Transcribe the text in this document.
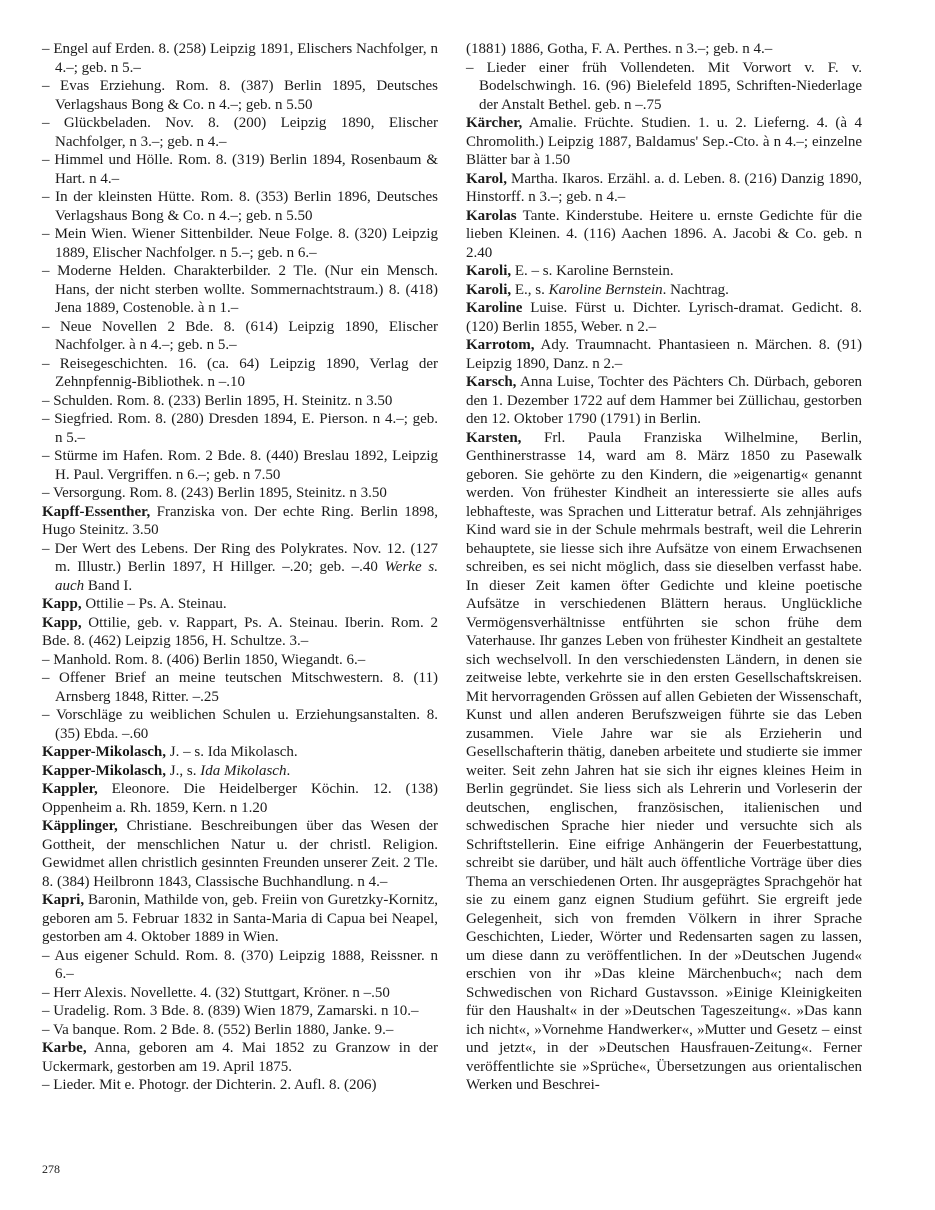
– Engel auf Erden. 8. (258) Leipzig 1891, Elischers Nachfolger, n 4.–; geb. n 5.–

– Evas Erziehung. Rom. 8. (387) Berlin 1895, Deutsches Verlagshaus Bong & Co. n 4.–; geb. n 5.50

– Glückbeladen. Nov. 8. (200) Leipzig 1890, Elischer Nachfolger, n 3.–; geb. n 4.–

– Himmel und Hölle. Rom. 8. (319) Berlin 1894, Rosenbaum & Hart. n 4.–

– In der kleinsten Hütte. Rom. 8. (353) Berlin 1896, Deutsches Verlagshaus Bong & Co. n 4.–; geb. n 5.50

– Mein Wien. Wiener Sittenbilder. Neue Folge. 8. (320) Leipzig 1889, Elischer Nachfolger. n 5.–; geb. n 6.–

– Moderne Helden. Charakterbilder. 2 Tle. (Nur ein Mensch. Hans, der nicht sterben wollte. Sommernachtstraum.) 8. (418) Jena 1889, Costenoble. à n 1.–

– Neue Novellen 2 Bde. 8. (614) Leipzig 1890, Elischer Nachfolger. à n 4.–; geb. n 5.–

– Reisegeschichten. 16. (ca. 64) Leipzig 1890, Verlag der Zehnpfennig-Bibliothek. n –.10

– Schulden. Rom. 8. (233) Berlin 1895, H. Steinitz. n 3.50

– Siegfried. Rom. 8. (280) Dresden 1894, E. Pierson. n 4.–; geb. n 5.–

– Stürme im Hafen. Rom. 2 Bde. 8. (440) Breslau 1892, Leipzig H. Paul. Vergriffen. n 6.–; geb. n 7.50

– Versorgung. Rom. 8. (243) Berlin 1895, Steinitz. n 3.50

Kapff-Essenther, Franziska von. Der echte Ring. Berlin 1898, Hugo Steinitz. 3.50

– Der Wert des Lebens. Der Ring des Polykrates. Nov. 12. (127 m. Illustr.) Berlin 1897, H Hillger. –.20; geb. –.40 Werke s. auch Band I.

Kapp, Ottilie – Ps. A. Steinau.

Kapp, Ottilie, geb. v. Rappart, Ps. A. Steinau. Iberin. Rom. 2 Bde. 8. (462) Leipzig 1856, H. Schultze. 3.–

– Manhold. Rom. 8. (406) Berlin 1850, Wiegandt. 6.–

– Offener Brief an meine teutschen Mitschwestern. 8. (11) Arnsberg 1848, Ritter. –.25

– Vorschläge zu weiblichen Schulen u. Erziehungsanstalten. 8. (35) Ebda. –.60

Kapper-Mikolasch, J. – s. Ida Mikolasch.

Kapper-Mikolasch, J., s. Ida Mikolasch.

Kappler, Eleonore. Die Heidelberger Köchin. 12. (138) Oppenheim a. Rh. 1859, Kern. n 1.20

Käpplinger, Christiane. Beschreibungen über das Wesen der Gottheit, der menschlichen Natur u. der christl. Religion. Gewidmet allen christlich gesinnten Freunden unserer Zeit. 2 Tle. 8. (384) Heilbronn 1843, Classische Buchhandlung. n 4.–

Kapri, Baronin, Mathilde von, geb. Freiin von Guretzky-Kornitz, geboren am 5. Februar 1832 in Santa-Maria di Capua bei Neapel, gestorben am 4. Oktober 1889 in Wien.

– Aus eigener Schuld. Rom. 8. (370) Leipzig 1888, Reissner. n 6.–

– Herr Alexis. Novellette. 4. (32) Stuttgart, Kröner. n –.50

– Uradelig. Rom. 3 Bde. 8. (839) Wien 1879, Zamarski. n 10.–

– Va banque. Rom. 2 Bde. 8. (552) Berlin 1880, Janke. 9.–

Karbe, Anna, geboren am 4. Mai 1852 zu Granzow in der Uckermark, gestorben am 19. April 1875.

– Lieder. Mit e. Photogr. der Dichterin. 2. Aufl. 8. (206)

(1881) 1886, Gotha, F. A. Perthes. n 3.–; geb. n 4.–

– Lieder einer früh Vollendeten. Mit Vorwort v. F. v. Bodelschwingh. 16. (96) Bielefeld 1895, Schriften-Niederlage der Anstalt Bethel. geb. n –.75

Kärcher, Amalie. Früchte. Studien. 1. u. 2. Lieferng. 4. (à 4 Chromolith.) Leipzig 1887, Baldamus' Sep.-Cto. à n 4.–; einzelne Blätter bar à 1.50

Karol, Martha. Ikaros. Erzähl. a. d. Leben. 8. (216) Danzig 1890, Hinstorff. n 3.–; geb. n 4.–

Karolas Tante. Kinderstube. Heitere u. ernste Gedichte für die lieben Kleinen. 4. (116) Aachen 1896. A. Jacobi & Co. geb. n 2.40

Karoli, E. – s. Karoline Bernstein.

Karoli, E., s. Karoline Bernstein. Nachtrag.

Karoline Luise. Fürst u. Dichter. Lyrisch-dramat. Gedicht. 8. (120) Berlin 1855, Weber. n 2.–

Karrotom, Ady. Traumnacht. Phantasieen n. Märchen. 8. (91) Leipzig 1890, Danz. n 2.–

Karsch, Anna Luise, Tochter des Pächters Ch. Dürbach, geboren den 1. Dezember 1722 auf dem Hammer bei Züllichau, gestorben den 12. Oktober 1790 (1791) in Berlin.

Karsten, Frl. Paula Franziska Wilhelmine, Berlin, Genthinerstrasse 14, ward am 8. März 1850 zu Pasewalk geboren. Sie gehörte zu den Kindern, die »eigenartig« genannt werden. Von frühester Kindheit an interessierte sie alles aufs lebhafteste, was Sprachen und Litteratur betraf. Als zehnjähriges Kind ward sie in der Schule mehrmals bestraft, weil die Lehrerin behauptete, sie liesse sich ihre Aufsätze von einem Erwachsenen schreiben, es sei nicht möglich, dass sie dieselben verfasst habe. In dieser Zeit kamen öfter Gedichte und kleine poetische Aufsätze in verschiedenen Blättern heraus. Unglückliche Vermögensverhältnisse entführten sie schon frühe dem Vaterhause. Ihr ganzes Leben von frühester Kindheit an gestaltete sich wechselvoll. In den verschiedensten Ländern, in denen sie zeitweise lebte, verkehrte sie in den ersten Gesellschaftskreisen. Mit hervorragenden Grössen auf allen Gebieten der Wissenschaft, Kunst und allen anderen Berufszweigen führte sie das Leben zusammen. Viele Jahre war sie als Erzieherin und Gesellschafterin thätig, daneben arbeitete und studierte sie immer weiter. Seit zehn Jahren hat sie sich ihr eignes kleines Heim in Berlin gegründet. Sie liess sich als Lehrerin und Vorleserin der deutschen, englischen, französischen, italienischen und schwedischen Sprache hier nieder und versuchte sich als Schriftstellerin. Eine eifrige Anhängerin der Feuerbestattung, schreibt sie darüber, und hält auch öffentliche Vorträge über dies Thema an verschiedenen Orten. Ihr ausgeprägtes Sprachgehör hat sie zu einem ganz eignen Studium geführt. Sie ergreift jede Gelegenheit, sich von fremden Völkern in ihrer Sprache Geschichten, Lieder, Wörter und Redensarten sagen zu lassen, um diese dann zu veröffentlichen. In der »Deutschen Jugend« erschien von ihr »Das kleine Märchenbuch«; nach dem Schwedischen von Richard Gustavsson. »Einige Kleinigkeiten für den Haushalt« in der »Deutschen Tageszeitung«. »Das kann ich nicht«, »Vornehme Handwerker«, »Mutter und Gesetz – einst und jetzt«, in der »Deutschen Hausfrauen-Zeitung«. Ferner veröffentlichte sie »Sprüche«, Übersetzungen aus orientalischen Werken und Beschrei-

278
